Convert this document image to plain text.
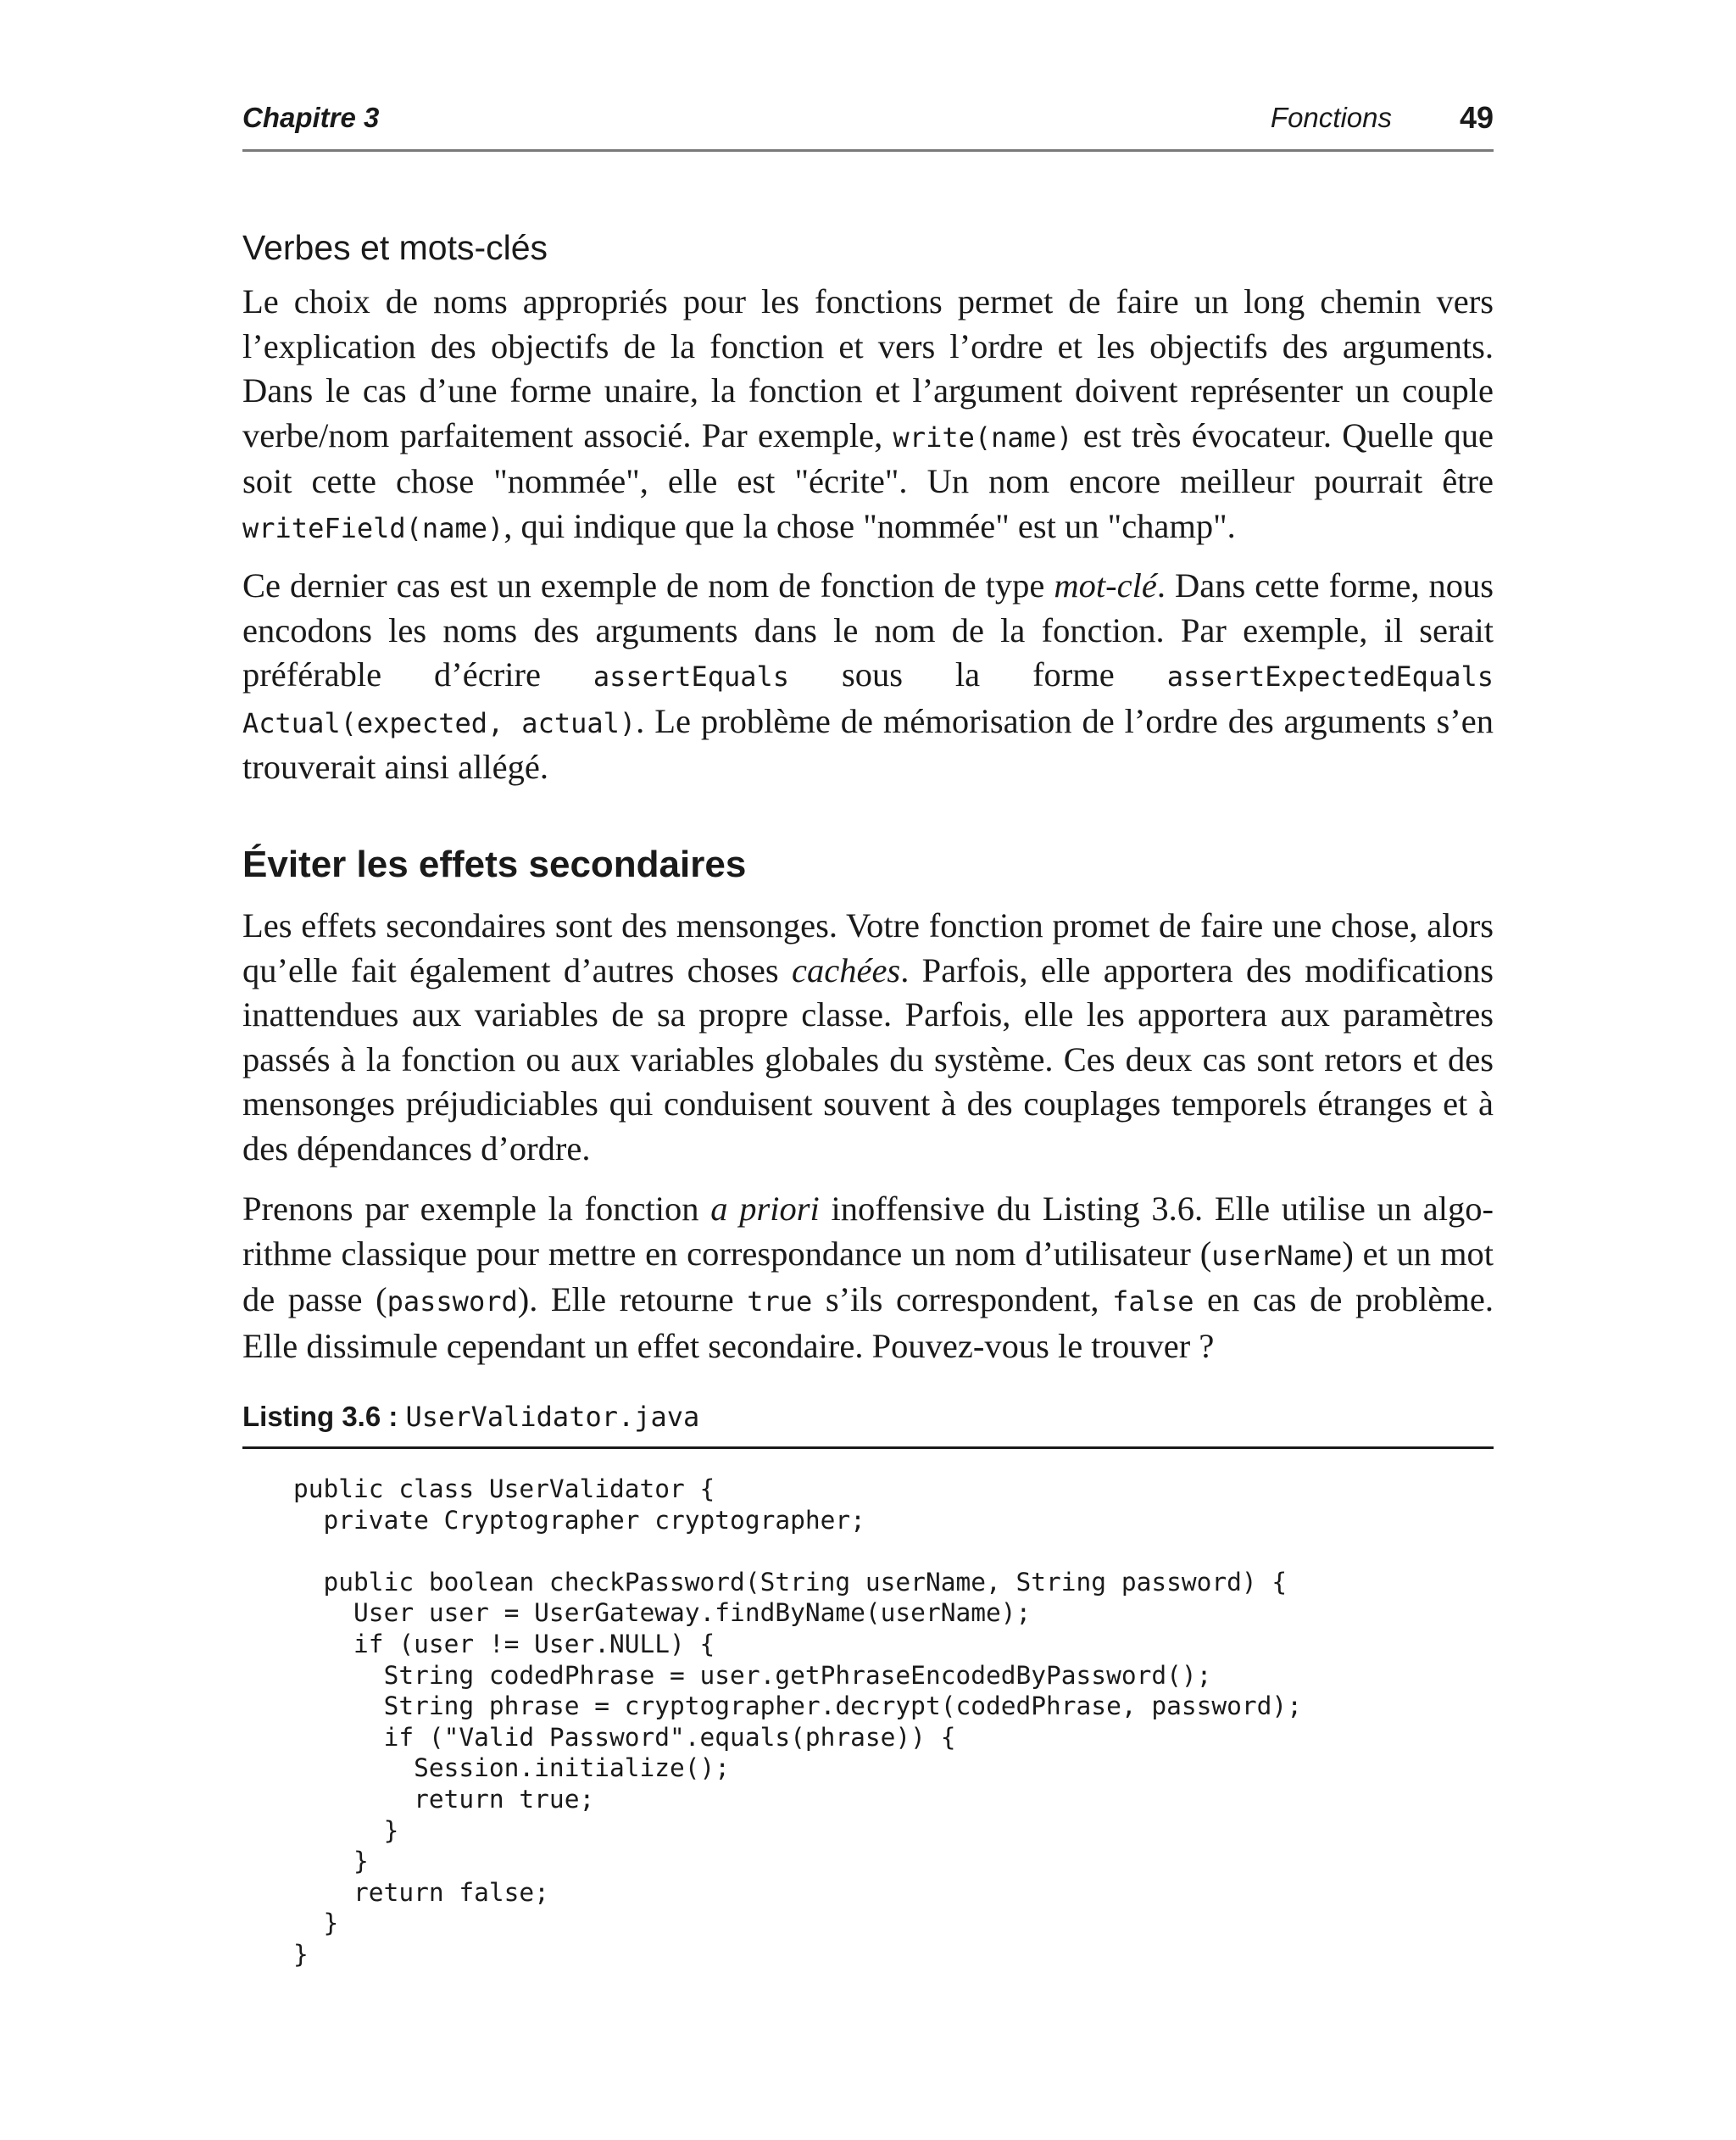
Chapitre 3	Fonctions 49
Verbes et mots-clés

Le choix de noms appropriés pour les fonctions permet de faire un long chemin vers l’explication des objectifs de la fonction et vers l’ordre et les objectifs des arguments. Dans le cas d’une forme unaire, la fonction et l’argument doivent représenter un couple verbe/nom parfaitement associé. Par exemple, write(name) est très évocateur. Quelle que soit cette chose "nommée", elle est "écrite". Un nom encore meilleur pourrait être writeField(name), qui indique que la chose "nommée" est un "champ".

Ce dernier cas est un exemple de nom de fonction de type mot-clé. Dans cette forme, nous encodons les noms des arguments dans le nom de la fonction. Par exemple, il serait préférable d’écrire assertEquals sous la forme assertExpectedEquals Actual(expected, actual). Le problème de mémorisation de l’ordre des arguments s’en trouverait ainsi allégé.

Éviter les effets secondaires

Les effets secondaires sont des mensonges. Votre fonction promet de faire une chose, alors qu’elle fait également d’autres choses cachées. Parfois, elle apportera des modifications inattendues aux variables de sa propre classe. Parfois, elle les apportera aux paramètres passés à la fonction ou aux variables globales du système. Ces deux cas sont retors et des mensonges préjudiciables qui conduisent souvent à des couplages temporels étranges et à des dépendances d’ordre.

Prenons par exemple la fonction a priori inoffensive du Listing 3.6. Elle utilise un algorithme classique pour mettre en correspondance un nom d’utilisateur (userName) et un mot de passe (password). Elle retourne true s’ils correspondent, false en cas de problème. Elle dissimule cependant un effet secondaire. Pouvez-vous le trouver ?

Listing 3.6 : UserValidator.java
public class UserValidator {
private Cryptographer cryptographer;

public boolean checkPassword(String userName, String password) {
User user = UserGateway.findByName(userName);
if (user != User.NULL) {
String codedPhrase = user.getPhraseEncodedByPassword();
String phrase = cryptographer.decrypt(codedPhrase, password);
if ("Valid Password".equals(phrase)) {
Session.initialize();
return true;
}
}
return false;
}
}
